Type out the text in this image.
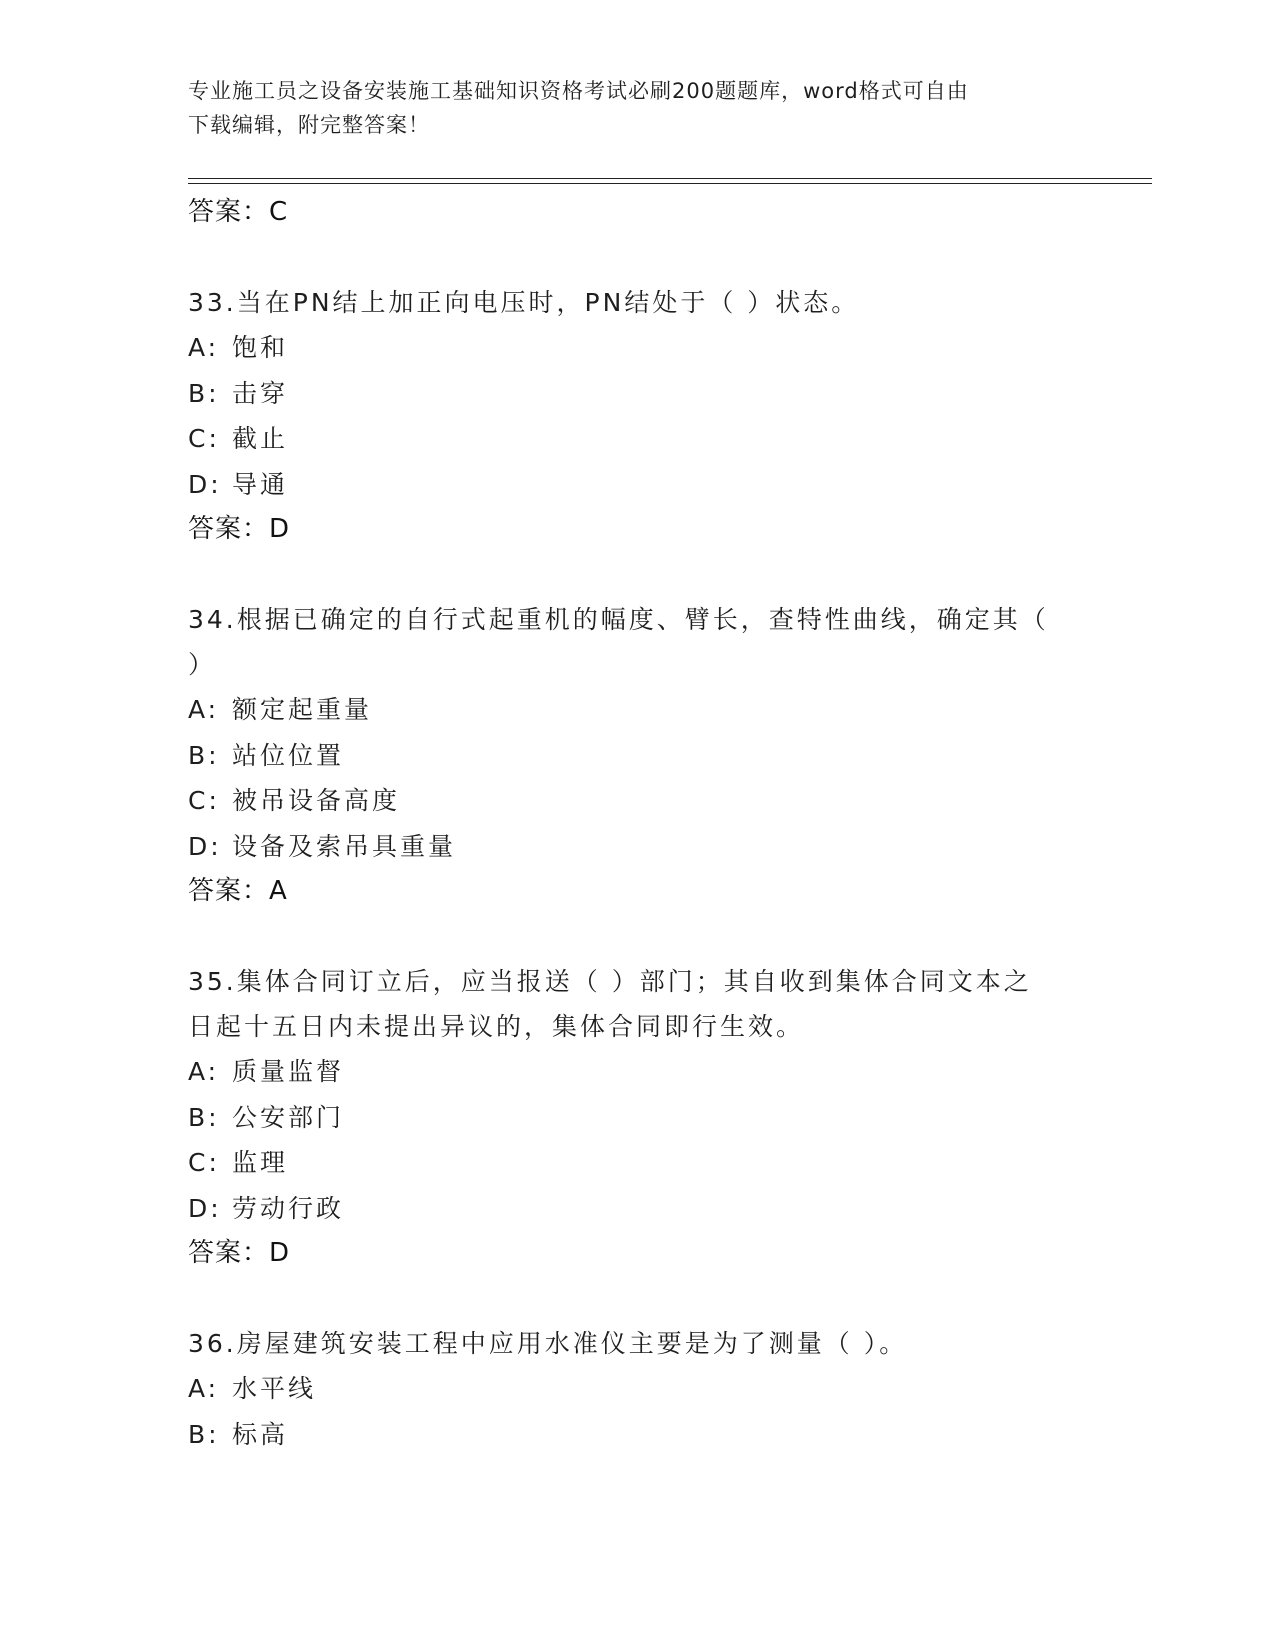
专业施工员之设备安装施工基础知识资格考试必刷200题题库，word格式可自由
下载编辑，附完整答案！
答案：C
33.当在PN结上加正向电压时，PN结处于（ ）状态。
A: 饱和
B: 击穿
C: 截止
D: 导通
答案：D
34.根据已确定的自行式起重机的幅度、臂长，查特性曲线，确定其（
）
A: 额定起重量
B: 站位位置
C: 被吊设备高度
D: 设备及索吊具重量
答案：A
35.集体合同订立后，应当报送（ ）部门；其自收到集体合同文本之
日起十五日内未提出异议的，集体合同即行生效。
A: 质量监督
B: 公安部门
C: 监理
D: 劳动行政
答案：D
36.房屋建筑安装工程中应用水准仪主要是为了测量（ ）。
A: 水平线
B: 标高
